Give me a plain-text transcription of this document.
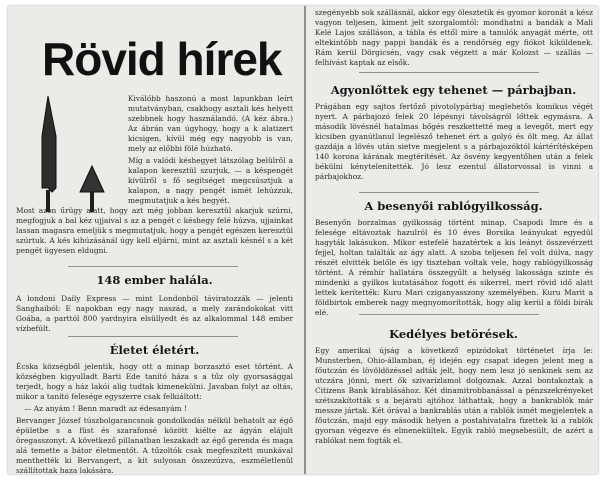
Rövid hírek

Kiválóbb haszonú a most lapunkban leírt mutatványban, csakhogy asztali kés helyett szebbnek hogy használandó. (A kéz ábra.) Az ábrán van úgyhogy, hogy a k alatizert kicsigen, kívül még egy nagyobb is van, mely az előbbi fölé húzható.

Míg a valódi késhegyet látszólag belülről a kalapon keresztül szurjuk, — a késpengét kívülről s fő segítséget megcsúsztjuk a kalapon, a nagy pengét ismét lehúzzuk, megmutatjuk a kés hegyét.

Most azon űrügy alatt, hogy azt még jobban keresztül akarjuk szúrni, megfogjuk a bal kéz ujjaival s az a pengét c késhegy felé húzva, ujjainkat lassan magasra emeljük s megmutatjuk, hogy a pengét egészen keresztül szúrtuk. A kés kihúzásánál úgy kell eljárni, mint az asztali késnél s a két pengét ügyesen eldugni.

148 ember halála.

A londoni Daily Express — mint Londonból táviratozzák — jelenti Sanghaiból: E napokban egy nagy naszád, a mely zarándokokat vitt Goába, a parttól 800 yardnyira elsüllyedt és az alkalommal 148 ember vízbefúlt.

Életet életért.

Écska községből jelentik, hogy ott a minap borzasztó eset történt. A községben kigyulladt Barti Ede tanító háza s a tűz oly gyorsasággal terjedt, hogy a ház lakói alig tudtak kimenekülni. Javaban folyt az oltás, mikor a tanító felesége egyszerre csak felkiáltott:

— Az anyám ! Benn maradt az édesanyám !

Bervanger József túszbolgarancsnok gondolkodás nélkül behatolt az égő épületbe s a füst és szarafonsé között kiélte az ágyán elájult öregasszonyt. A következő pillanatban leszakadt az égő gerenda és maga alá temette a bátor életmentőt. A tűzoltók csak megfeszített munkával menthették ki Bervangert, a kit sulyosan összezúzva, eszméletlenül szállítottak haza lakására.

szegényebb sok szállásnál, akkor egy ölesztetik és gyomor koronát a kész vagyon teljesen, kiment jelt szorgalomtól: mondhatni a bandák a Mali Kelé Lajos szálláson, a tábla és ettől mire a tanulók anyagát mérte, ott eltekintőbb nagy pappi bandák és a rendőrség egy fiókot kiküldenek. Rám kerül Dörgicsén, vagy csak végzett a már Kolozst — szállás — felhívást kaptak az elsők.

Agyonlőttek egy tehenet — párbajban.

Prágában egy sajtos fertőző pivotolypárbaj meglehetős komikus végét nyert. A párbajozó felek 20 lépésnyi távolságról lőttek egymásra. A második lövésnél hatalmas bőgés reszkettetté meg a levegőt, mert egy kicsiben gyanútlanul legelésző tehenet ért a golyó és ölt meg. Az állat gazdája a lövés után sietve megjelent s a párbajozóktól kártérítésképen 140 korona kárának megtérítését. Az ösvény kegyentőhen után a felek békülni kénytelenítették. Jó lesz ezentul állatorvossal is vinni a párbajokhoz.

A besenyői rablógyilkosság.

Besenyőn borzalmas gyilkosság történt minap. Csapodi Imre és a felesége eltávoztak hazulról és 10 éves Borsika leányukat egyedül hagyták lakásukon. Mikor estefelé hazatértek a kis leányt összevérzett fejjel, holtan találták az ágy alatt. A szoba teljesen fel volt dúlva, nagy részét elvitték belőle és igy tiszteban voltak vele, hogy rablógyilkosság történt. A rémhír hallatára összegyűlt a helység lakossága szinte és mindenki a gyilkos kutatásához fogott és sikerrel, mert rövid idő alatt lettek kerítették: Kuru Mari cziganyasszony személyében. Kuru Marit a földbirtok emberek nagy megnyomorították, hogy alig kerül a földi bírák elé.

Kedélyes betörések.

Egy amerikai újság a következő epizódokat történetet írja le: Munsterben, Ohio-államban, éj idején egy csapat idegen jelent meg a főutczán és lövöldözéssel adták jelt, hogy nem lesz jó senkinek sem az utczára jönni, mert ők szivarízlamol dolgoznak. Azzal bontakoztak a Citizens Bank kirablásához. Két dinamitrobbanással a pénzszekrényeket szétszakították s a bejárati ajtóhoz láthattak, hogy a bankrablók már messze jártak. Két órával a bankrablás után a rablók ismét megjelentek a főutczán, majd egy második helyen a postahivatalra fizettek ki a rablók gyorsan végezve és elmenekültek. Egyik rabló megsebesült, de azért a rablókat nem fogták el.
